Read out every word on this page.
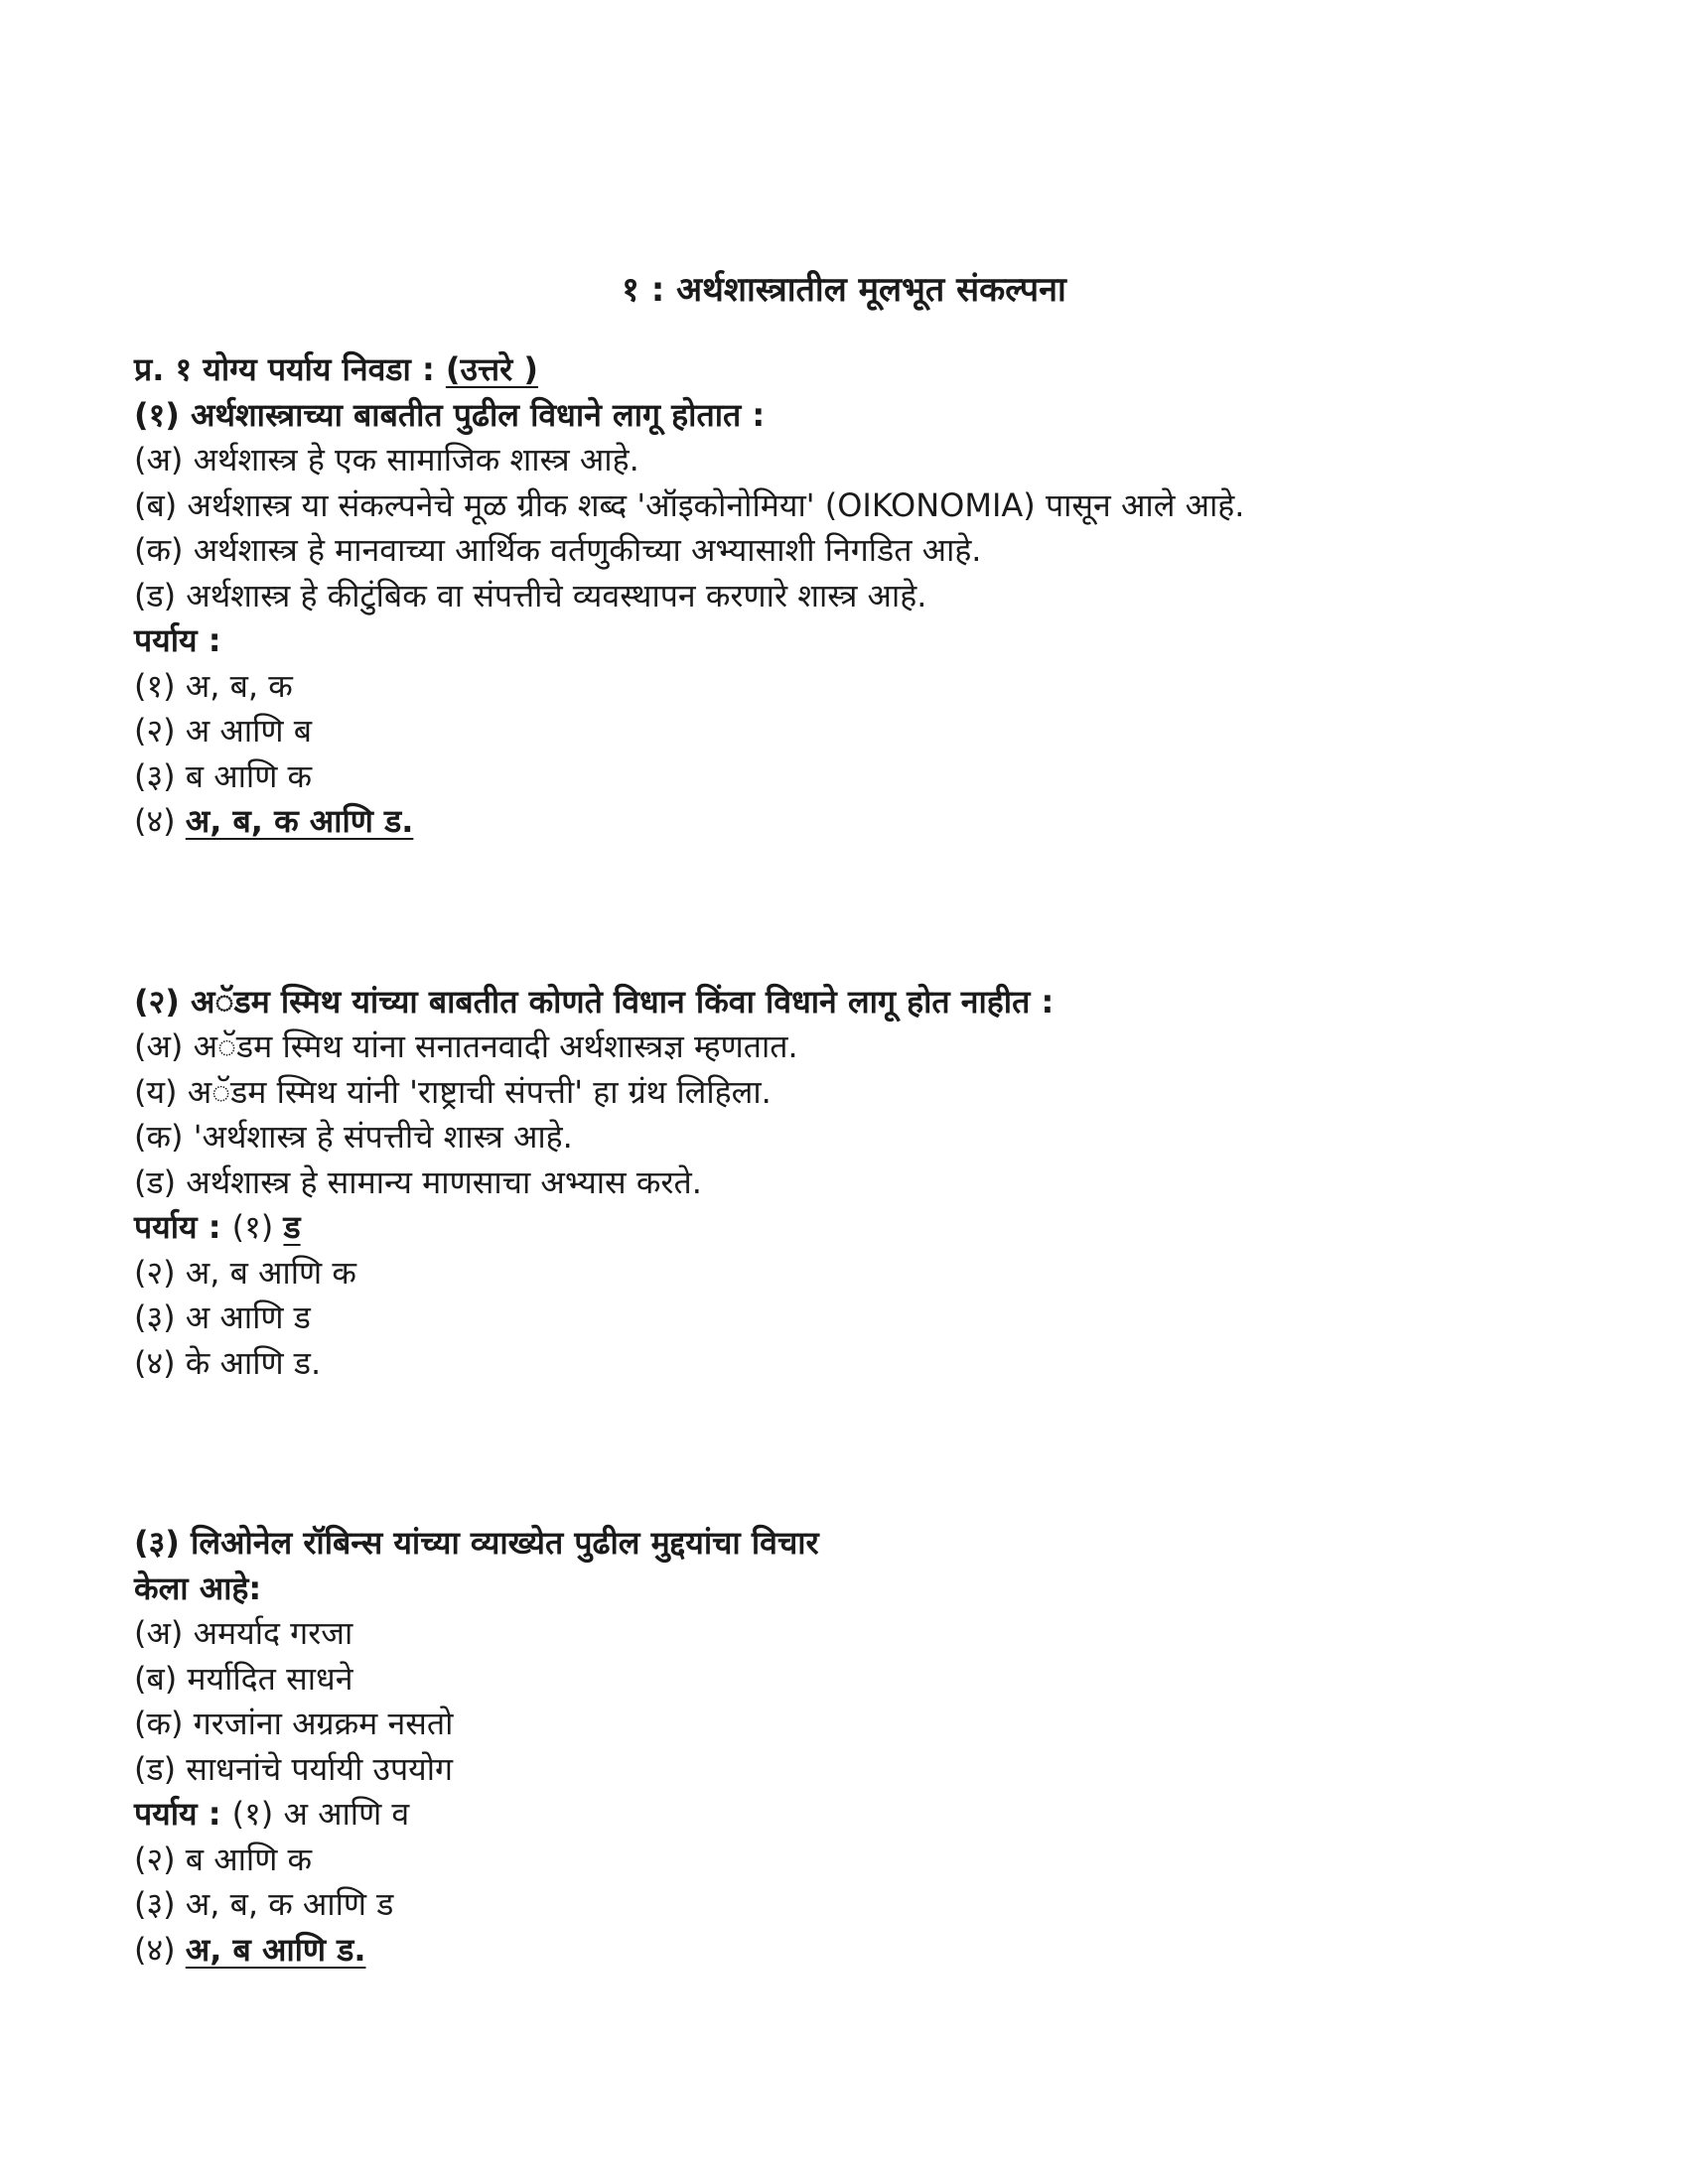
१ : अर्थशास्त्रातील मूलभूत संकल्पना
प्र. १ योग्य पर्याय निवडा : (उत्तरे )
(१) अर्थशास्त्राच्या बाबतीत पुढील विधाने लागू होतात :
(अ) अर्थशास्त्र हे एक सामाजिक शास्त्र आहे.
(ब) अर्थशास्त्र या संकल्पनेचे मूळ ग्रीक शब्द 'ऑइकोनोमिया' (OIKONOMIA) पासून आले आहे.
(क) अर्थशास्त्र हे मानवाच्या आर्थिक वर्तणुकीच्या अभ्यासाशी निगडित आहे.
(ड) अर्थशास्त्र हे कीटुंबिक वा संपत्तीचे व्यवस्थापन करणारे शास्त्र आहे.
पर्याय :
(१) अ, ब, क
(२) अ आणि ब
(३) ब आणि क
(४) अ, ब, क आणि ड.
(२) अॅडम स्मिथ यांच्या बाबतीत कोणते विधान किंवा विधाने लागू होत नाहीत :
(अ) अॅडम स्मिथ यांना सनातनवादी अर्थशास्त्रज्ञ म्हणतात.
(य) अॅडम स्मिथ यांनी 'राष्ट्राची संपत्ती' हा ग्रंथ लिहिला.
(क) 'अर्थशास्त्र हे संपत्तीचे शास्त्र आहे.
(ड) अर्थशास्त्र हे सामान्य माणसाचा अभ्यास करते.
पर्याय : (१) ड
(२) अ, ब आणि क
(३) अ आणि ड
(४) के आणि ड.
(३) लिओनेल रॉबिन्स यांच्या व्याख्येत पुढील मुद्दयांचा विचार
केला आहे:
(अ) अमर्याद गरजा
(ब) मर्यादित साधने
(क) गरजांना अग्रक्रम नसतो
(ड) साधनांचे पर्यायी उपयोग
पर्याय : (१) अ आणि व
(२) ब आणि क
(३) अ, ब, क आणि ड
(४) अ, ब आणि ड.
